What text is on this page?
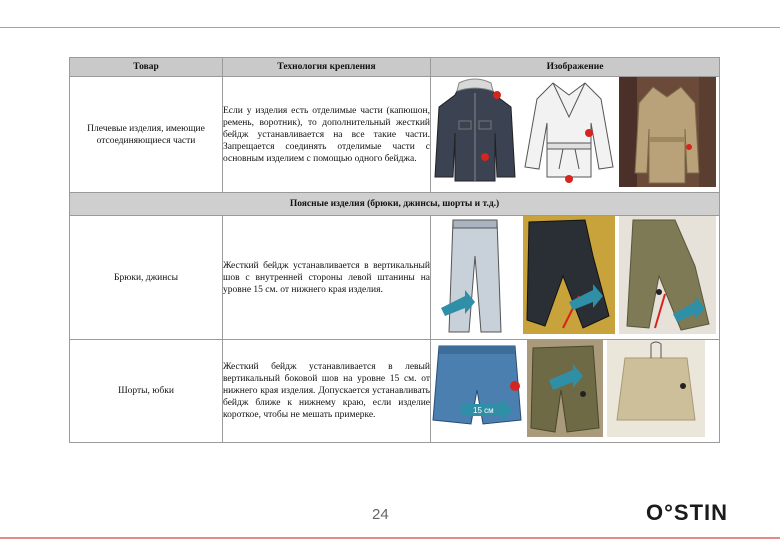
Товар	Технология крепления	Изображение
Плечевые изделия, имеющие отсоединяющиеся части	Если у изделия есть отделимые части (капюшон, ремень, воротник), то дополнительный жесткий бейдж устанавливается на все такие части. Запрещается соединять отделимые части с основным изделием с помощью одного бейджа.	

Поясные изделия (брюки, джинсы, шорты и т.д.)		
Брюки, джинсы	Жесткий бейдж устанавливается в вертикальный шов с внутренней стороны левой штанины на уровне 15 см. от нижнего края изделия.	

Шорты, юбки	Жесткий бейдж устанавливается в левый вертикальный боковой шов на уровне 15 см. от нижнего края изделия. Допускается устанавливать бейдж ближе к нижнему краю, если изделие короткое, чтобы не мешать примерке.	15 см
24	O°STIN
